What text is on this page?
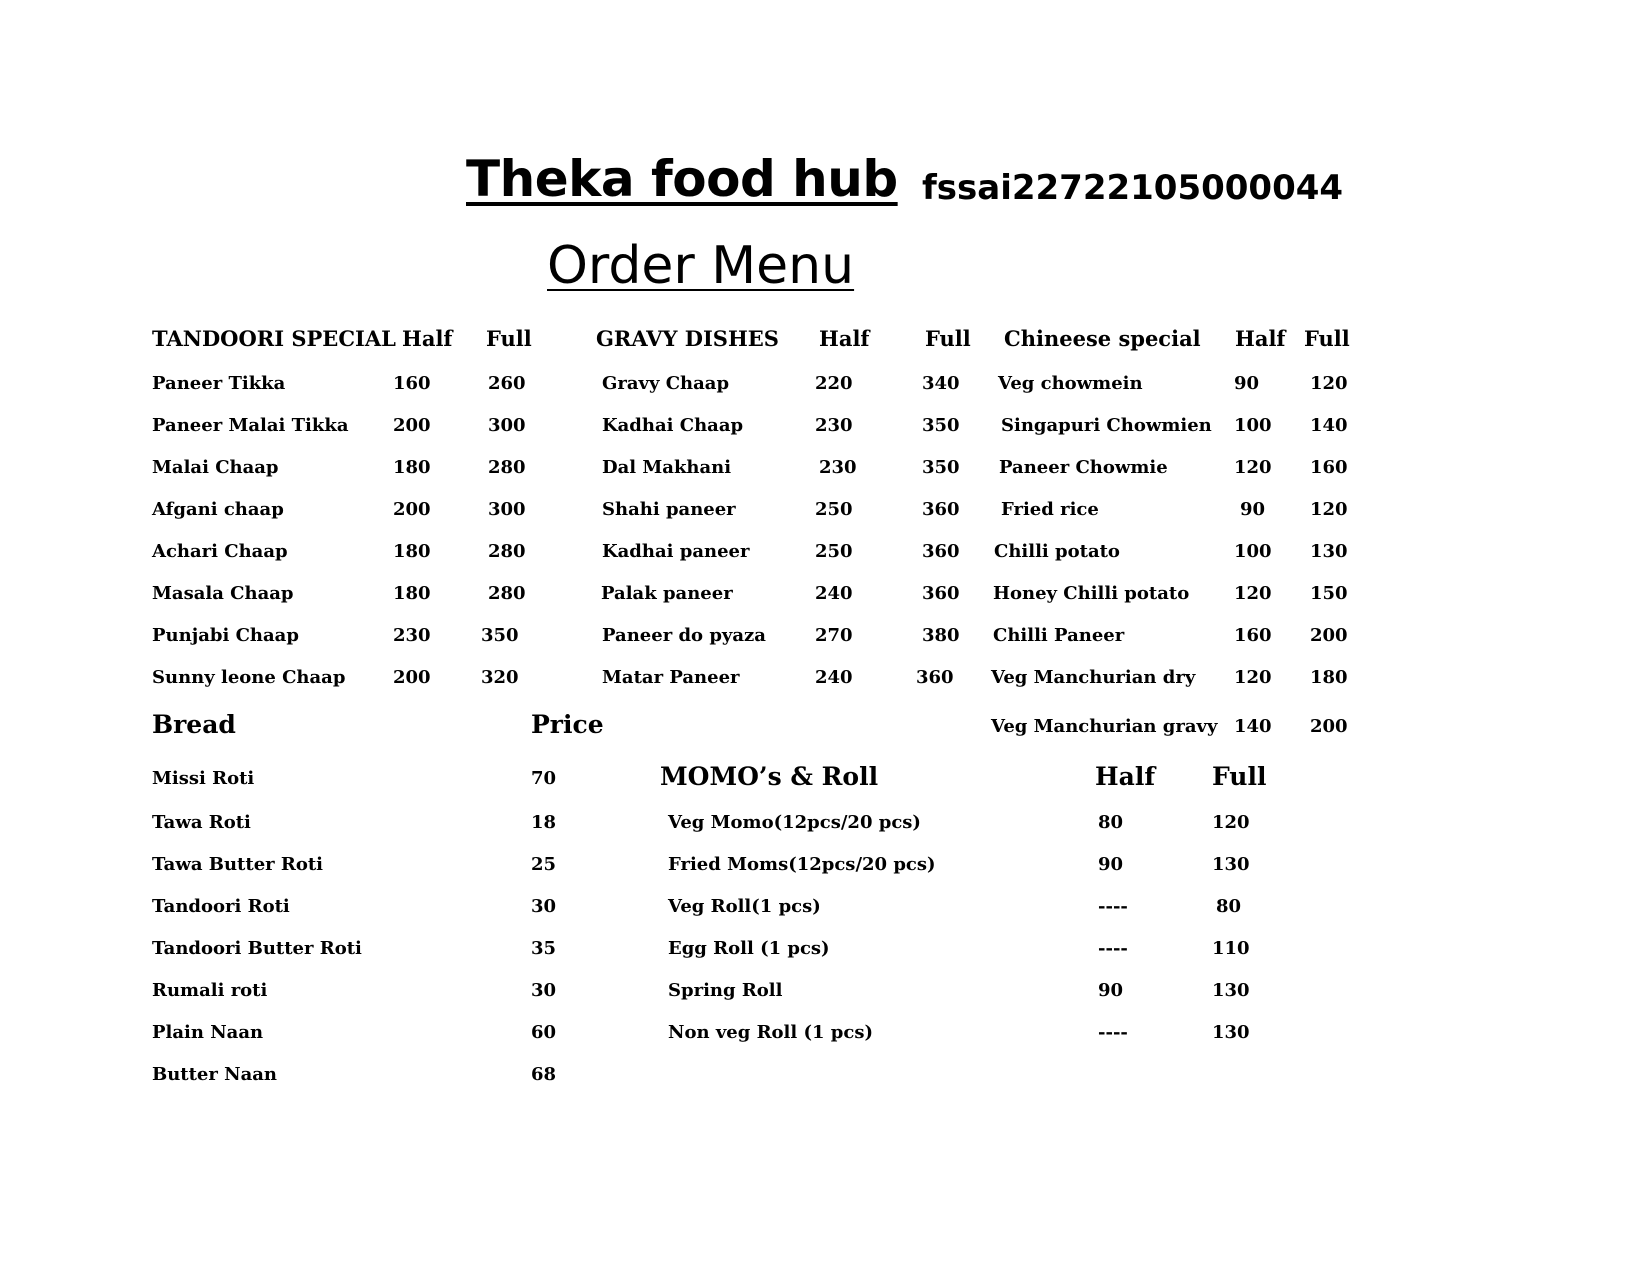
Theka food hub fssai22722105000044
Order Menu
TANDOORI SPECIAL Half Full	GRAVY DISHES Half	Full Chineese special Half Full
Paneer Tikka	160	260
Paneer Malai Tikka 200	300
Malai Chaap	180	280
Afgani chaap	200	300
Achari Chaap	180	280
Masala Chaap	180	280
Punjabi Chaap	230	350
Sunny leone Chaap	200	320
Gravy Chaap	220	340
Kadhai Chaap	230	350
Dal Makhani	230	350
Shahi paneer	250	360
Kadhai paneer	250	360
Palak paneer	240	360
Paneer do pyaza	270	380
Matar Paneer	240	360
Veg chowmein	90	120
Singapuri Chowmien 100 140
Paneer Chowmie	120 160
Fried rice	90 120
Chilli potato	100 130
Honey Chilli potato 120 150
Chilli Paneer	160 200
Veg Manchurian dry 120 180
Veg Manchurian gravy 140 200
Bread	Price
Missi Roti	70
Tawa Roti	18
Tawa Butter Roti	25
Tandoori Roti	30
Tandoori Butter Roti	35
Rumali roti	30
Plain Naan	60
Butter Naan	68
MOMO’s & Roll	Half Full
Veg Momo(12pcs/20 pcs)	80	120
Fried Moms(12pcs/20 pcs)	90	130
Veg Roll(1 pcs)	----	80
Egg Roll (1 pcs)	----	110
Spring Roll	90	130
Non veg Roll (1 pcs)	----	130
